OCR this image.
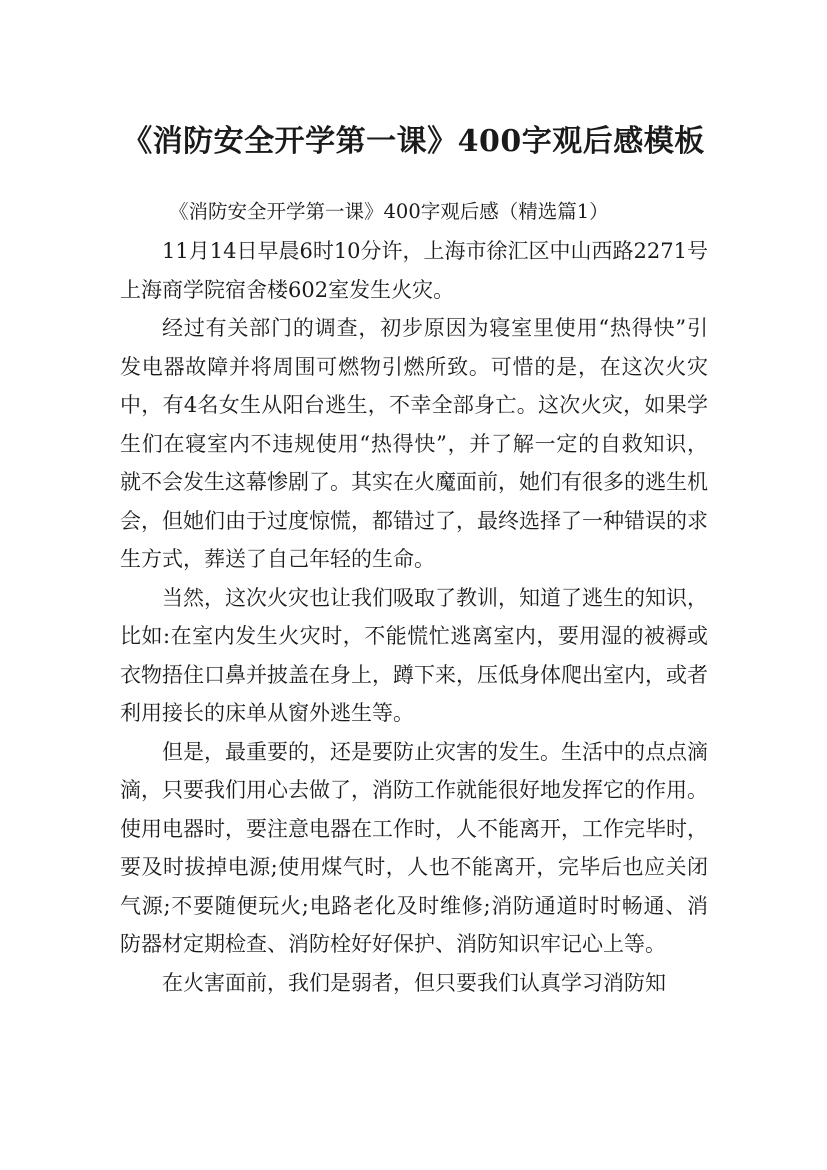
《消防安全开学第一课》400字观后感模板
《消防安全开学第一课》400字观后感（精选篇1）

11月14日早晨6时10分许，上海市徐汇区中山西路2271号上海商学院宿舍楼602室发生火灾。

经过有关部门的调查，初步原因为寝室里使用“热得快”引发电器故障并将周围可燃物引燃所致。可惜的是，在这次火灾中，有4名女生从阳台逃生，不幸全部身亡。这次火灾，如果学生们在寝室内不违规使用“热得快”，并了解一定的自救知识，就不会发生这幕惨剧了。其实在火魔面前，她们有很多的逃生机会，但她们由于过度惊慌，都错过了，最终选择了一种错误的求生方式，葬送了自己年轻的生命。

当然，这次火灾也让我们吸取了教训，知道了逃生的知识，比如:在室内发生火灾时，不能慌忙逃离室内，要用湿的被褥或衣物捂住口鼻并披盖在身上，蹲下来，压低身体爬出室内，或者利用接长的床单从窗外逃生等。

但是，最重要的，还是要防止灾害的发生。生活中的点点滴滴，只要我们用心去做了，消防工作就能很好地发挥它的作用。使用电器时，要注意电器在工作时，人不能离开，工作完毕时，要及时拔掉电源;使用煤气时，人也不能离开，完毕后也应关闭气源;不要随便玩火;电路老化及时维修;消防通道时时畅通、消防器材定期检查、消防栓好好保护、消防知识牢记心上等。

在火害面前，我们是弱者，但只要我们认真学习消防知
